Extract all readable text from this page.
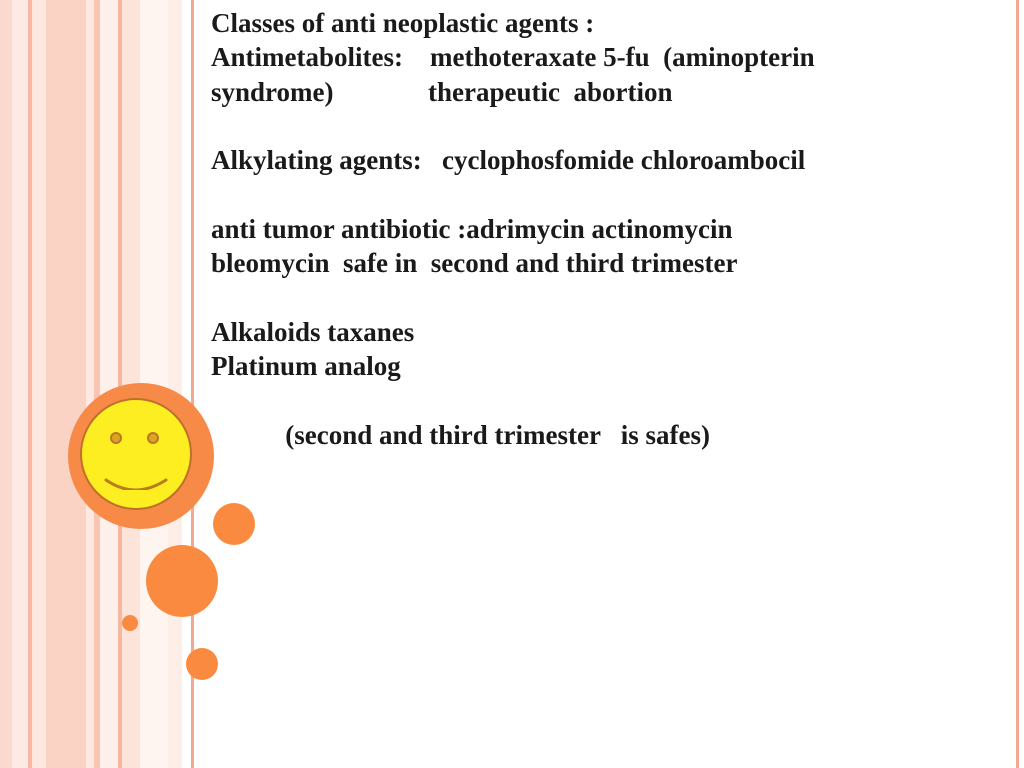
Classes of anti neoplastic agents :
Antimetabolites:    methoteraxate 5-fu  (aminopterin
syndrome)              therapeutic  abortion
Alkylating agents:   cyclophosfomide chloroambocil
anti tumor antibiotic :adrimycin actinomycin
bleomycin  safe in  second and third trimester
Alkaloids taxanes
Platinum analog
(second and third trimester   is safes)
